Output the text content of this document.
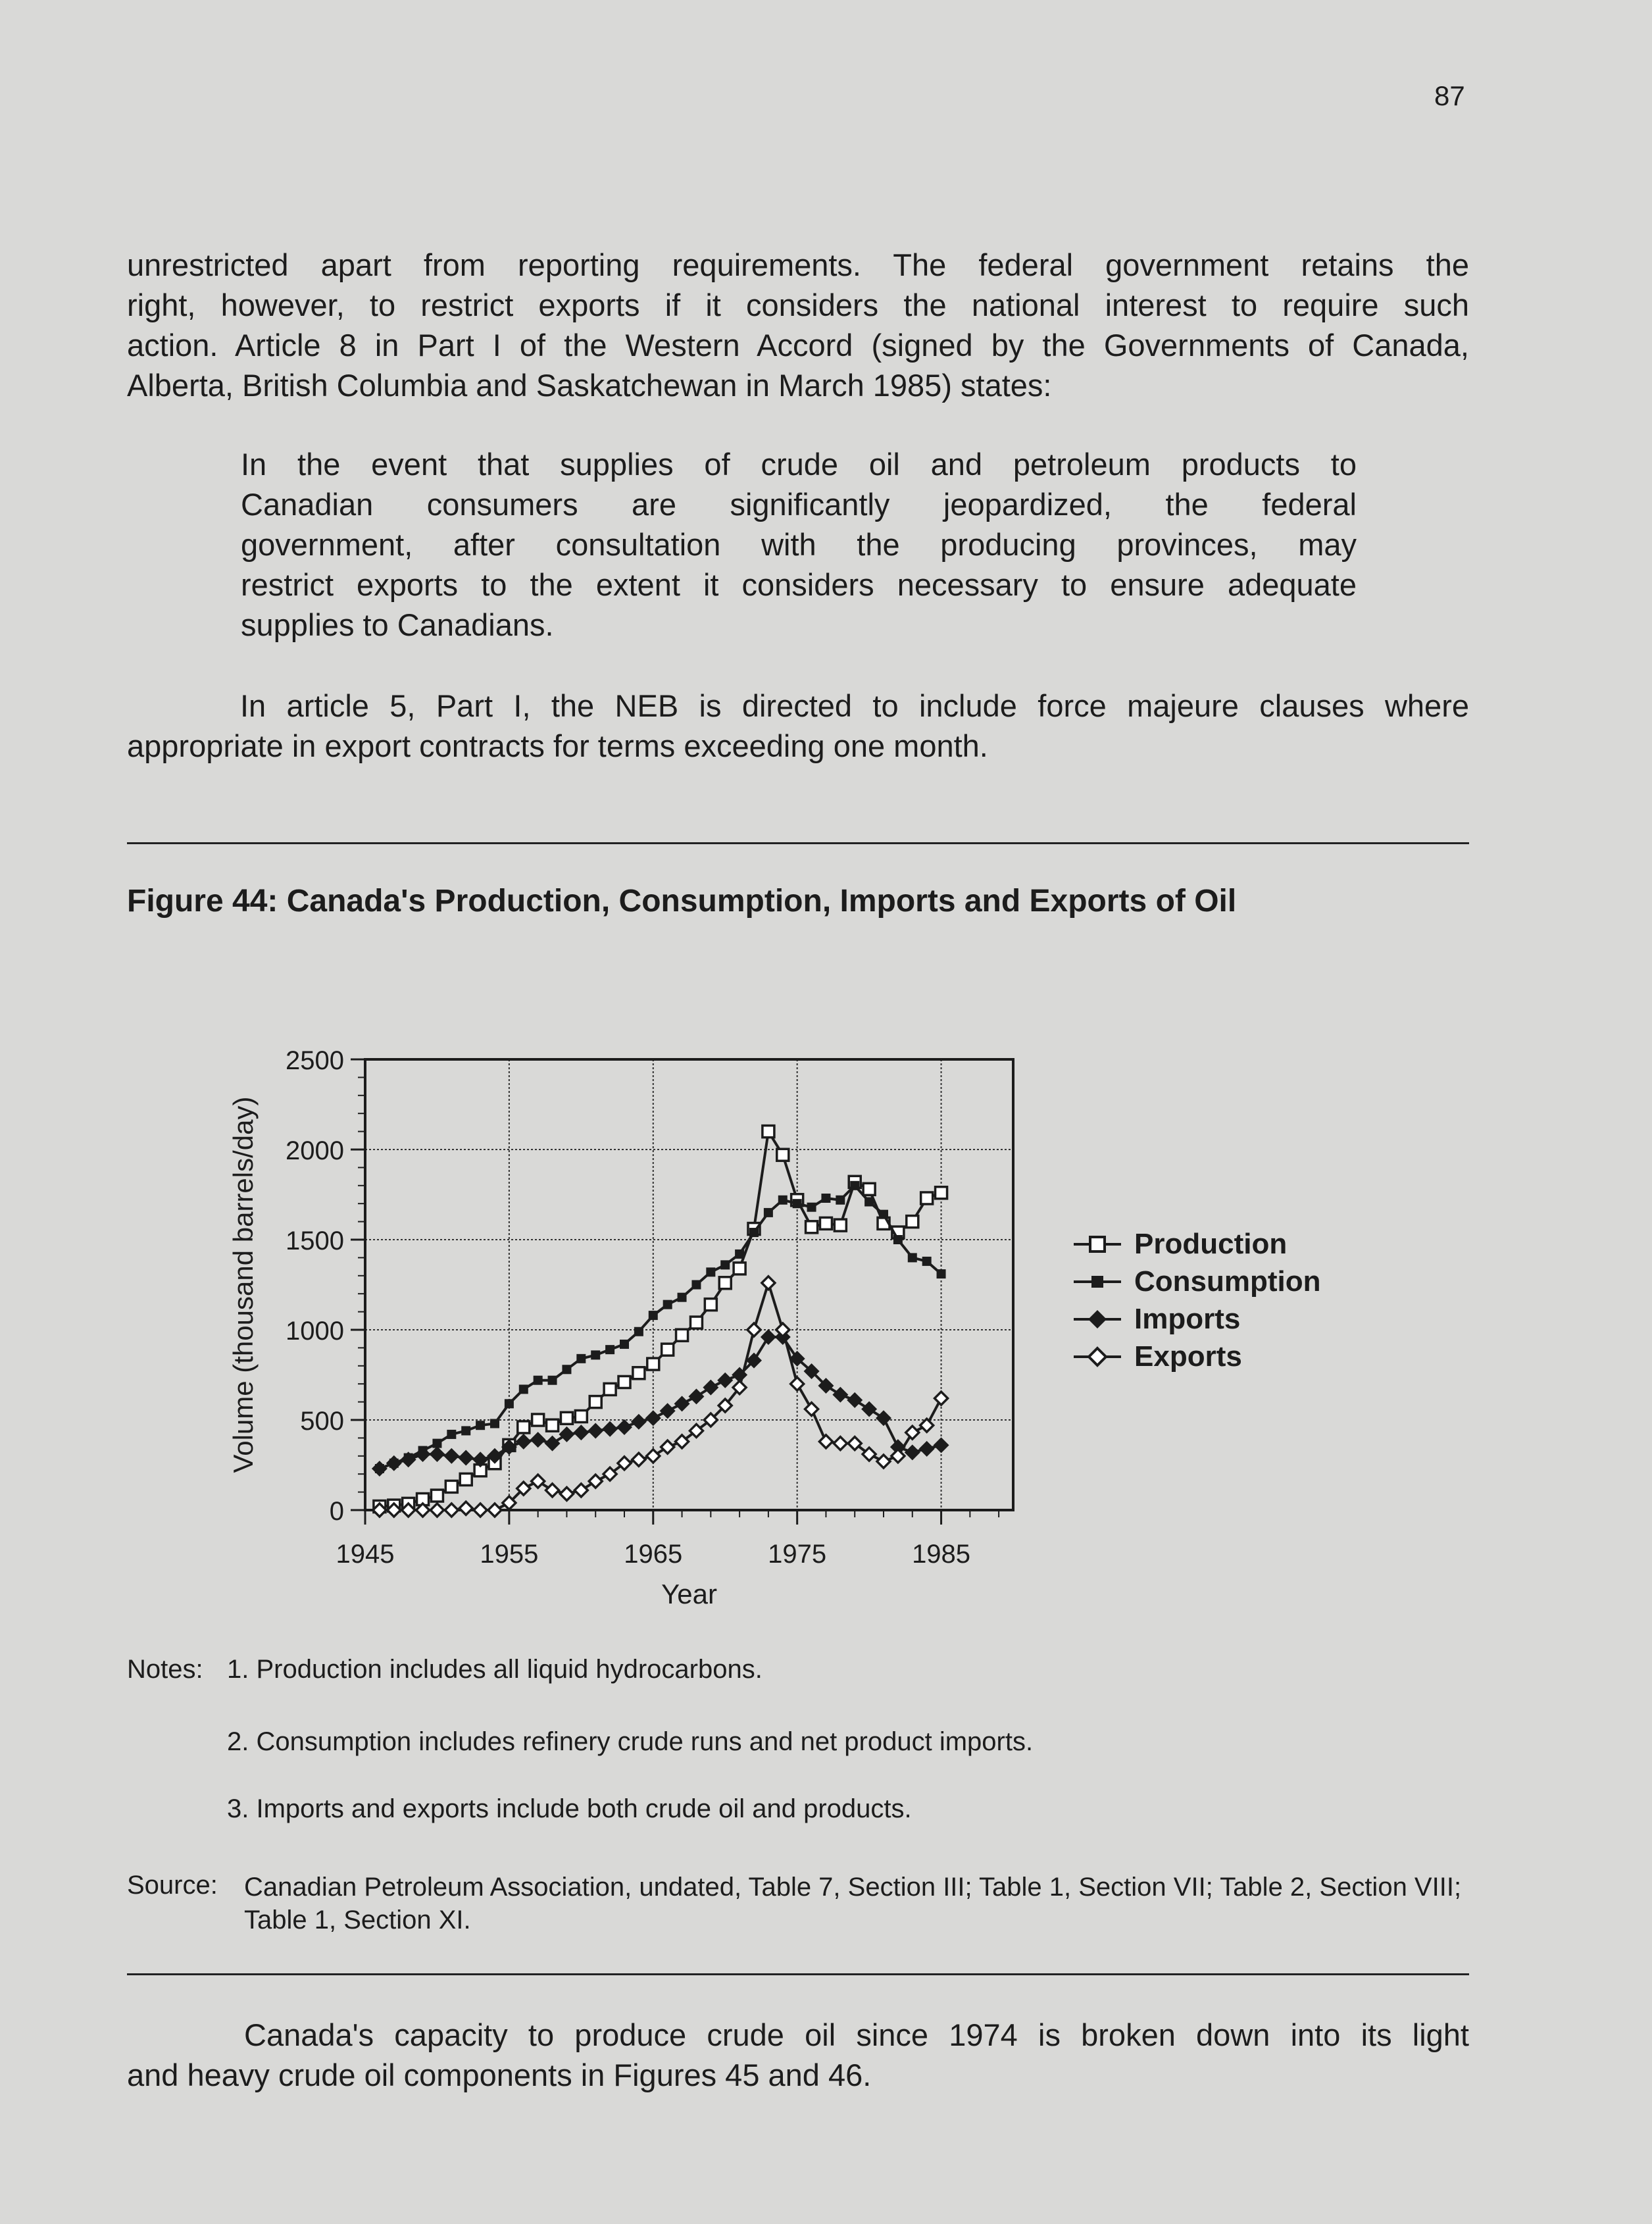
87
unrestricted apart from reporting requirements. The federal government retains the
right, however, to restrict exports if it considers the national interest to require such
action. Article 8 in Part I of the Western Accord (signed by the Governments of Canada,
Alberta, British Columbia and Saskatchewan in March 1985) states:
In the event that supplies of crude oil and petroleum products to
Canadian consumers are significantly jeopardized, the federal
government, after consultation with the producing provinces, may
restrict exports to the extent it considers necessary to ensure adequate
supplies to Canadians.
In article 5, Part I, the NEB is directed to include force majeure clauses where
appropriate in export contracts for terms exceeding one month.
Figure 44: Canada's Production, Consumption, Imports and Exports of Oil
0
500
1000
1500
2000
2500
1945	1955	1965	1975	1985
Year
Volume (thousand barrels/day)	Production
Consumption
Imports
Exports
Notes: 1. Production includes all liquid hydrocarbons.
2. Consumption includes refinery crude runs and net product imports.
3. Imports and exports include both crude oil and products.
Source: Canadian Petroleum Association, undated, Table 7, Section III; Table 1, Section VII; Table 2, Section VIII; Table 1, Section XI.
Canada's capacity to produce crude oil since 1974 is broken down into its light
and heavy crude oil components in Figures 45 and 46.
